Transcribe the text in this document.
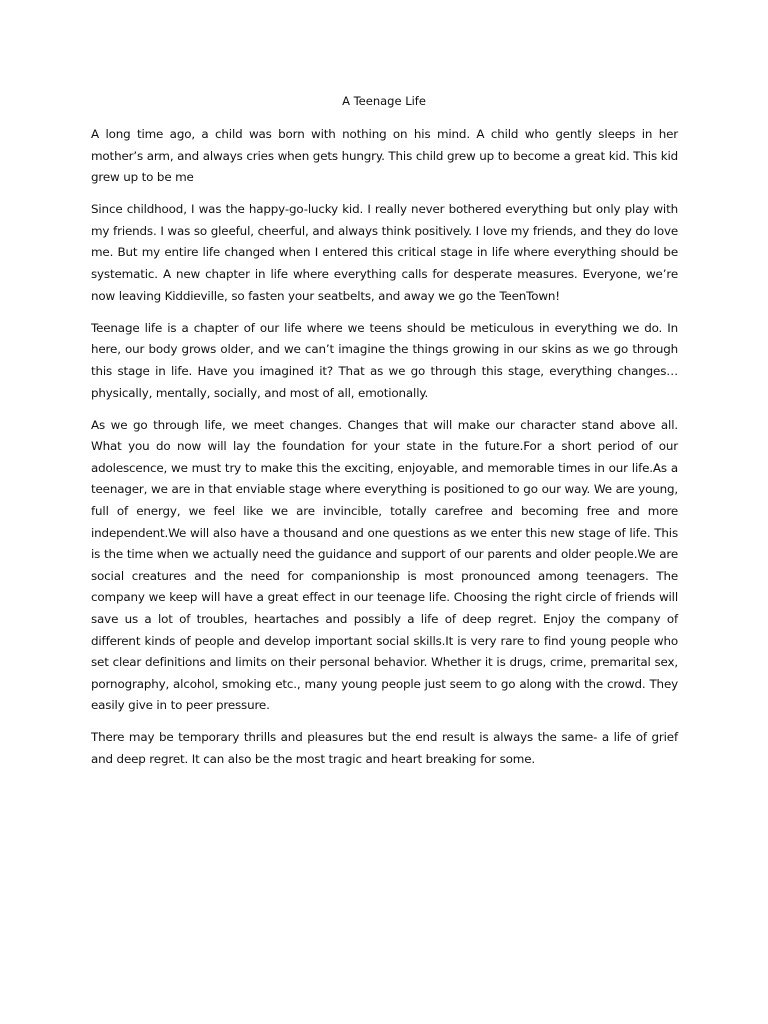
A Teenage Life

A long time ago, a child was born with nothing on his mind. A child who gently sleeps in her mother’s arm, and always cries when gets hungry. This child grew up to become a great kid. This kid grew up to be me

Since childhood, I was the happy-go-lucky kid. I really never bothered everything but only play with my friends. I was so gleeful, cheerful, and always think positively. I love my friends, and they do love me. But my entire life changed when I entered this critical stage in life where everything should be systematic. A new chapter in life where everything calls for desperate measures. Everyone, we’re now leaving Kiddieville, so fasten your seatbelts, and away we go the TeenTown!

Teenage life is a chapter of our life where we teens should be meticulous in everything we do. In here, our body grows older, and we can’t imagine the things growing in our skins as we go through this stage in life. Have you imagined it? That as we go through this stage, everything changes…physically, mentally, socially, and most of all, emotionally.

As we go through life, we meet changes. Changes that will make our character stand above all. What you do now will lay the foundation for your state in the future.For a short period of our adolescence, we must try to make this the exciting, enjoyable, and memorable times in our life.As a teenager, we are in that enviable stage where everything is positioned to go our way. We are young, full of energy, we feel like we are invincible, totally carefree and becoming free and more independent.We will also have a thousand and one questions as we enter this new stage of life. This is the time when we actually need the guidance and support of our parents and older people.We are social creatures and the need for companionship is most pronounced among teenagers. The company we keep will have a great effect in our teenage life. Choosing the right circle of friends will save us a lot of troubles, heartaches and possibly a life of deep regret. Enjoy the company of different kinds of people and develop important social skills.It is very rare to find young people who set clear definitions and limits on their personal behavior. Whether it is drugs, crime, premarital sex, pornography, alcohol, smoking etc., many young people just seem to go along with the crowd. They easily give in to peer pressure.

There may be temporary thrills and pleasures but the end result is always the same- a life of grief and deep regret. It can also be the most tragic and heart breaking for some.
